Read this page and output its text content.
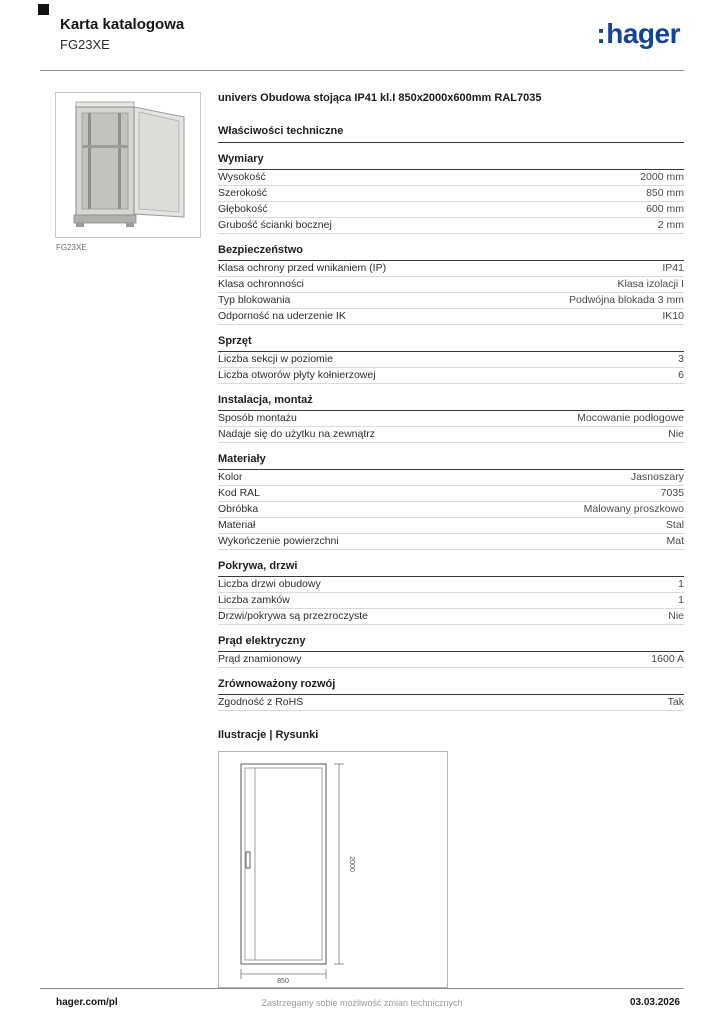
Karta katalogowa
FG23XE	:hager
FG23XE
univers Obudowa stojąca IP41 kl.I 850x2000x600mm RAL7035
Właściwości techniczne
Wymiary
Wysokość	2000 mm
Szerokość	850 mm
Głębokość	600 mm
Grubość ścianki bocznej	2 mm
Bezpieczeństwo
Klasa ochrony przed wnikaniem (IP)	IP41
Klasa ochronności	Klasa izolacji I
Typ blokowania	Podwójna blokada 3 mm
Odporność na uderzenie IK	IK10
Sprzęt
Liczba sekcji w poziomie	3
Liczba otworów płyty kołnierzowej	6
Instalacja, montaż
Sposób montażu	Mocowanie podłogowe
Nadaje się do użytku na zewnątrz	Nie
Materiały
Kolor	Jasnoszary
Kod RAL	7035
Obróbka	Malowany proszkowo
Materiał	Stal
Wykończenie powierzchni	Mat
Pokrywa, drzwi
Liczba drzwi obudowy	1
Liczba zamków	1
Drzwi/pokrywa są przezroczyste	Nie
Prąd elektryczny
Prąd znamionowy	1600 A
Zrównoważony rozwój
Zgodność z RoHS	Tak
Ilustracje | Rysunki
2000
850
hager.com/pl	Zastrzegamy sobie możliwość zmian technicznych	03.03.2026
